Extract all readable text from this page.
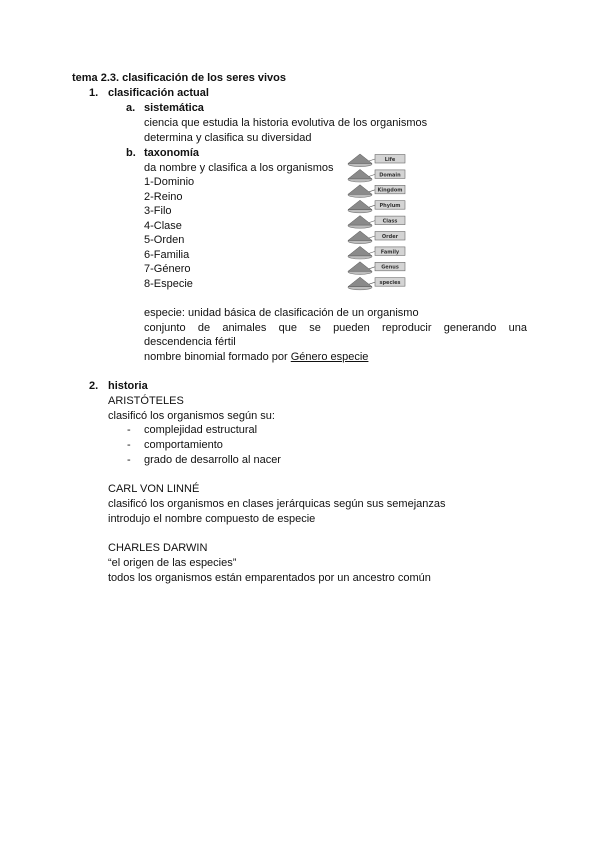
tema 2.3. clasificación de los seres vivos
1. clasificación actual
a. sistemática
ciencia que estudia la historia evolutiva de los organismos
determina y clasifica su diversidad
b. taxonomía
da nombre y clasifica a los organismos
1-Dominio
2-Reino
3-Filo
4-Clase
5-Orden
6-Familia
7-Género
8-Especie
Life
Domain
Kingdom
Phylum
Class
Order
Family
Genus
species
especie: unidad básica de clasificación de un organismo
conjunto de animales que se pueden reproducir generando una
descendencia fértil
nombre binomial formado por Género especie
2. historia
ARISTÓTELES
clasificó los organismos según su:
- complejidad estructural
- comportamiento
- grado de desarrollo al nacer
CARL VON LINNÉ
clasificó los organismos en clases jerárquicas según sus semejanzas
introdujo el nombre compuesto de especie
CHARLES DARWIN
“el origen de las especies”
todos los organismos están emparentados por un ancestro común
